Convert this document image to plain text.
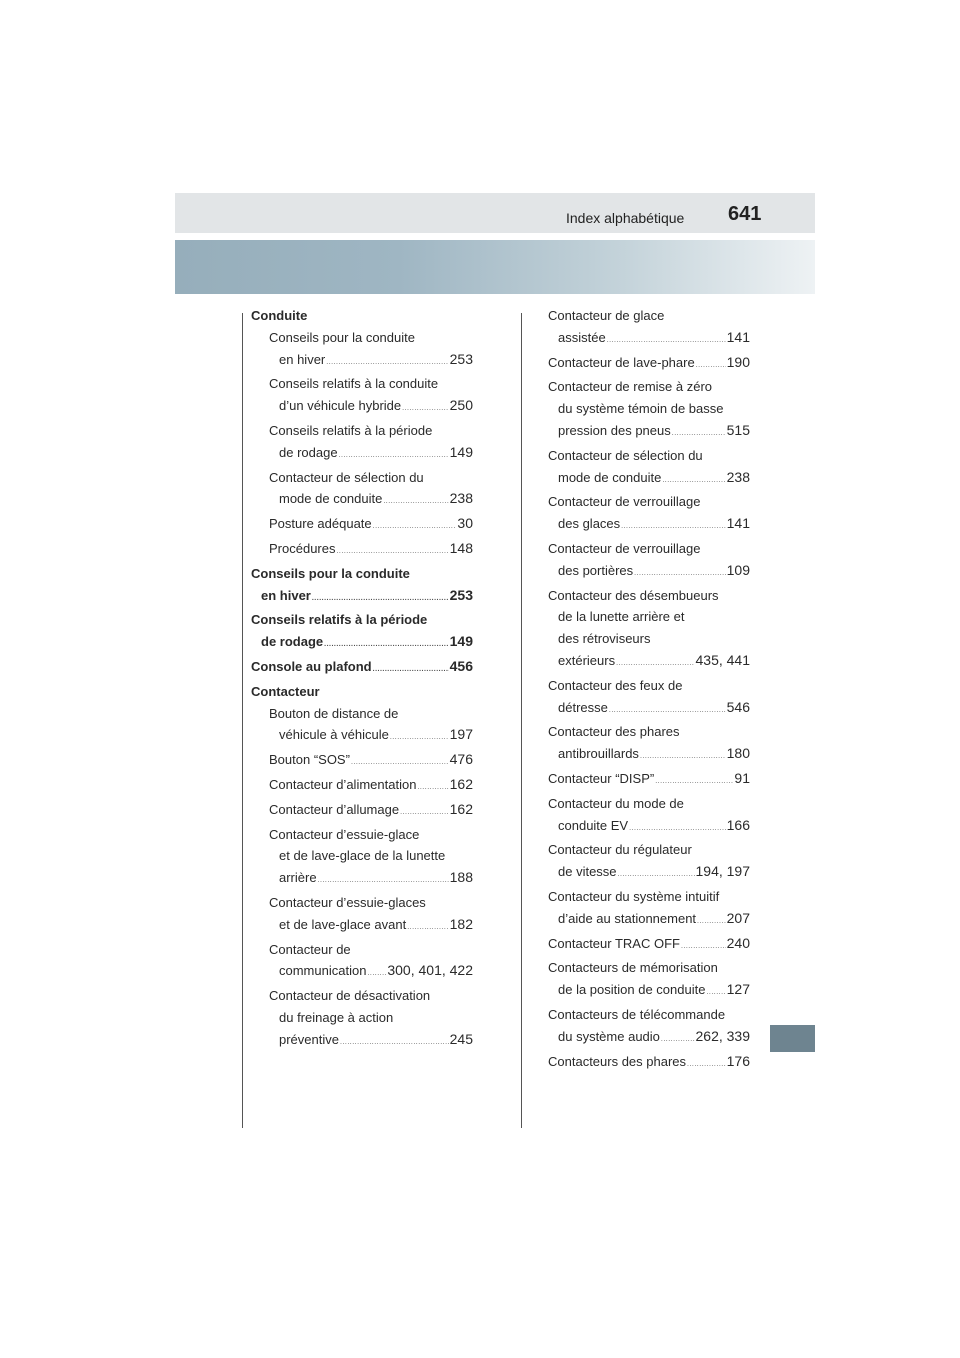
Index alphabétique 641
Conduite
Conseils pour la conduite
en hiver .....	253
Conseils relatifs à la conduite
d’un véhicule hybride .....	250
Conseils relatifs à la période
de rodage .....	149
Contacteur de sélection du
mode de conduite .....	238
Posture adéquate .....	30
Procédures .....	148
Conseils pour la conduite
en hiver .....	253
Conseils relatifs à la période
de rodage .....	149
Console au plafond .....	456
Contacteur
Bouton de distance de
véhicule à véhicule .....	197
Bouton “SOS” .....	476
Contacteur d’alimentation ..... 162
Contacteur d’allumage .....	162
Contacteur d’essuie-glace
et de lave-glace de la lunette
arrière .....	188
Contacteur d’essuie-glaces
et de lave-glace avant .....	182
Contacteur de
communication ..... 300, 401, 422
Contacteur de désactivation
du freinage à action
préventive .....	245
Contacteur de glace
assistée .....	141
Contacteur de lave-phare ..... 190
Contacteur de remise à zéro
du système témoin de basse
pression des pneus .....	515
Contacteur de sélection du
mode de conduite .....	238
Contacteur de verrouillage
des glaces .....	141
Contacteur de verrouillage
des portières .....	109
Contacteur des désembueurs
de la lunette arrière et
des rétroviseurs
extérieurs .....	435, 441
Contacteur des feux de
détresse .....	546
Contacteur des phares
antibrouillards .....	180
Contacteur “DISP” .....	91
Contacteur du mode de
conduite EV .....	166
Contacteur du régulateur
de vitesse .....	194, 197
Contacteur du système intuitif
d’aide au stationnement ..... 207
Contacteur TRAC OFF .....	240
Contacteurs de mémorisation
de la position de conduite ..... 127
Contacteurs de télécommande
du système audio .....	262, 339
Contacteurs des phares .....	176
